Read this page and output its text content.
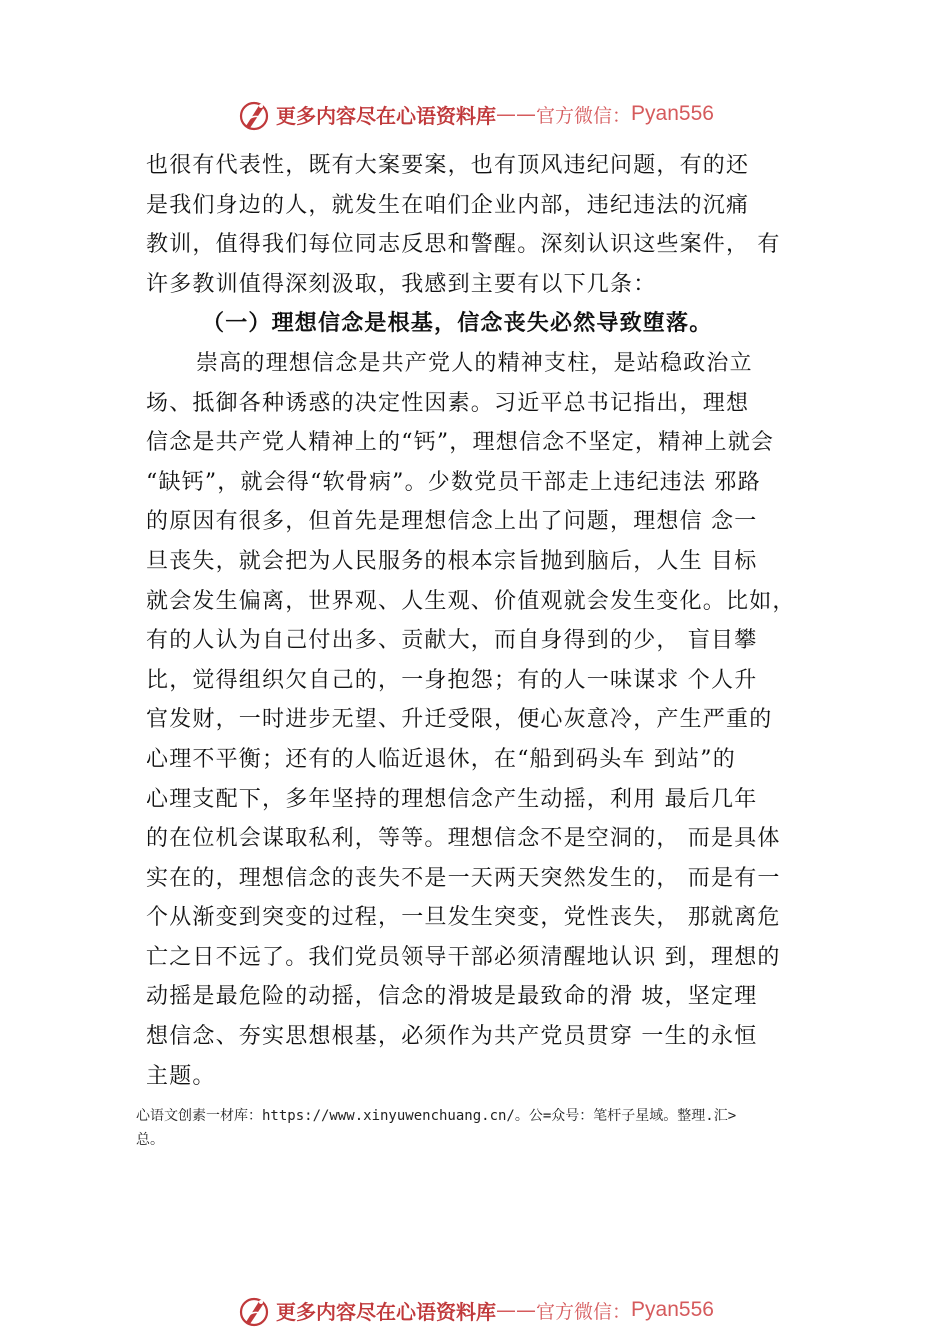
更多内容尽在心语资料库 —— 官方微信： Pyan556
也很有代表性，既有大案要案，也有顶风违纪问题，有的还
是我们身边的人，就发生在咱们企业内部，违纪违法的沉痛
教训，值得我们每位同志反思和警醒。深刻认识这些案件， 有
许多教训值得深刻汲取，我感到主要有以下几条：
（一）理想信念是根基，信念丧失必然导致堕落。
崇高的理想信念是共产党人的精神支柱，是站稳政治立
场、抵御各种诱惑的决定性因素。习近平总书记指出，理想
信念是共产党人精神上的“钙”，理想信念不坚定，精神上就会
“缺钙”，就会得“软骨病”。少数党员干部走上违纪违法 邪路
的原因有很多，但首先是理想信念上出了问题，理想信 念一
旦丧失，就会把为人民服务的根本宗旨抛到脑后，人生 目标
就会发生偏离，世界观、人生观、价值观就会发生变化。比如，
有的人认为自己付出多、贡献大，而自身得到的少， 盲目攀
比，觉得组织欠自己的，一身抱怨；有的人一味谋求 个人升
官发财，一时进步无望、升迁受限，便心灰意冷，产生严重的
心理不平衡；还有的人临近退休，在“船到码头车 到站”的
心理支配下，多年坚持的理想信念产生动摇，利用 最后几年
的在位机会谋取私利，等等。理想信念不是空洞的， 而是具体
实在的，理想信念的丧失不是一天两天突然发生的， 而是有一
个从渐变到突变的过程，一旦发生突变，党性丧失， 那就离危
亡之日不远了。我们党员领导干部必须清醒地认识 到，理想的
动摇是最危险的动摇，信念的滑坡是最致命的滑 坡，坚定理
想信念、夯实思想根基，必须作为共产党员贯穿 一生的永恒
主题。
心语文创素一材库：https://www.xinyuwenchuang.cn/。公=众号：笔杆子星域。整理.汇>
总。
更多内容尽在心语资料库 —— 官方微信： Pyan556
